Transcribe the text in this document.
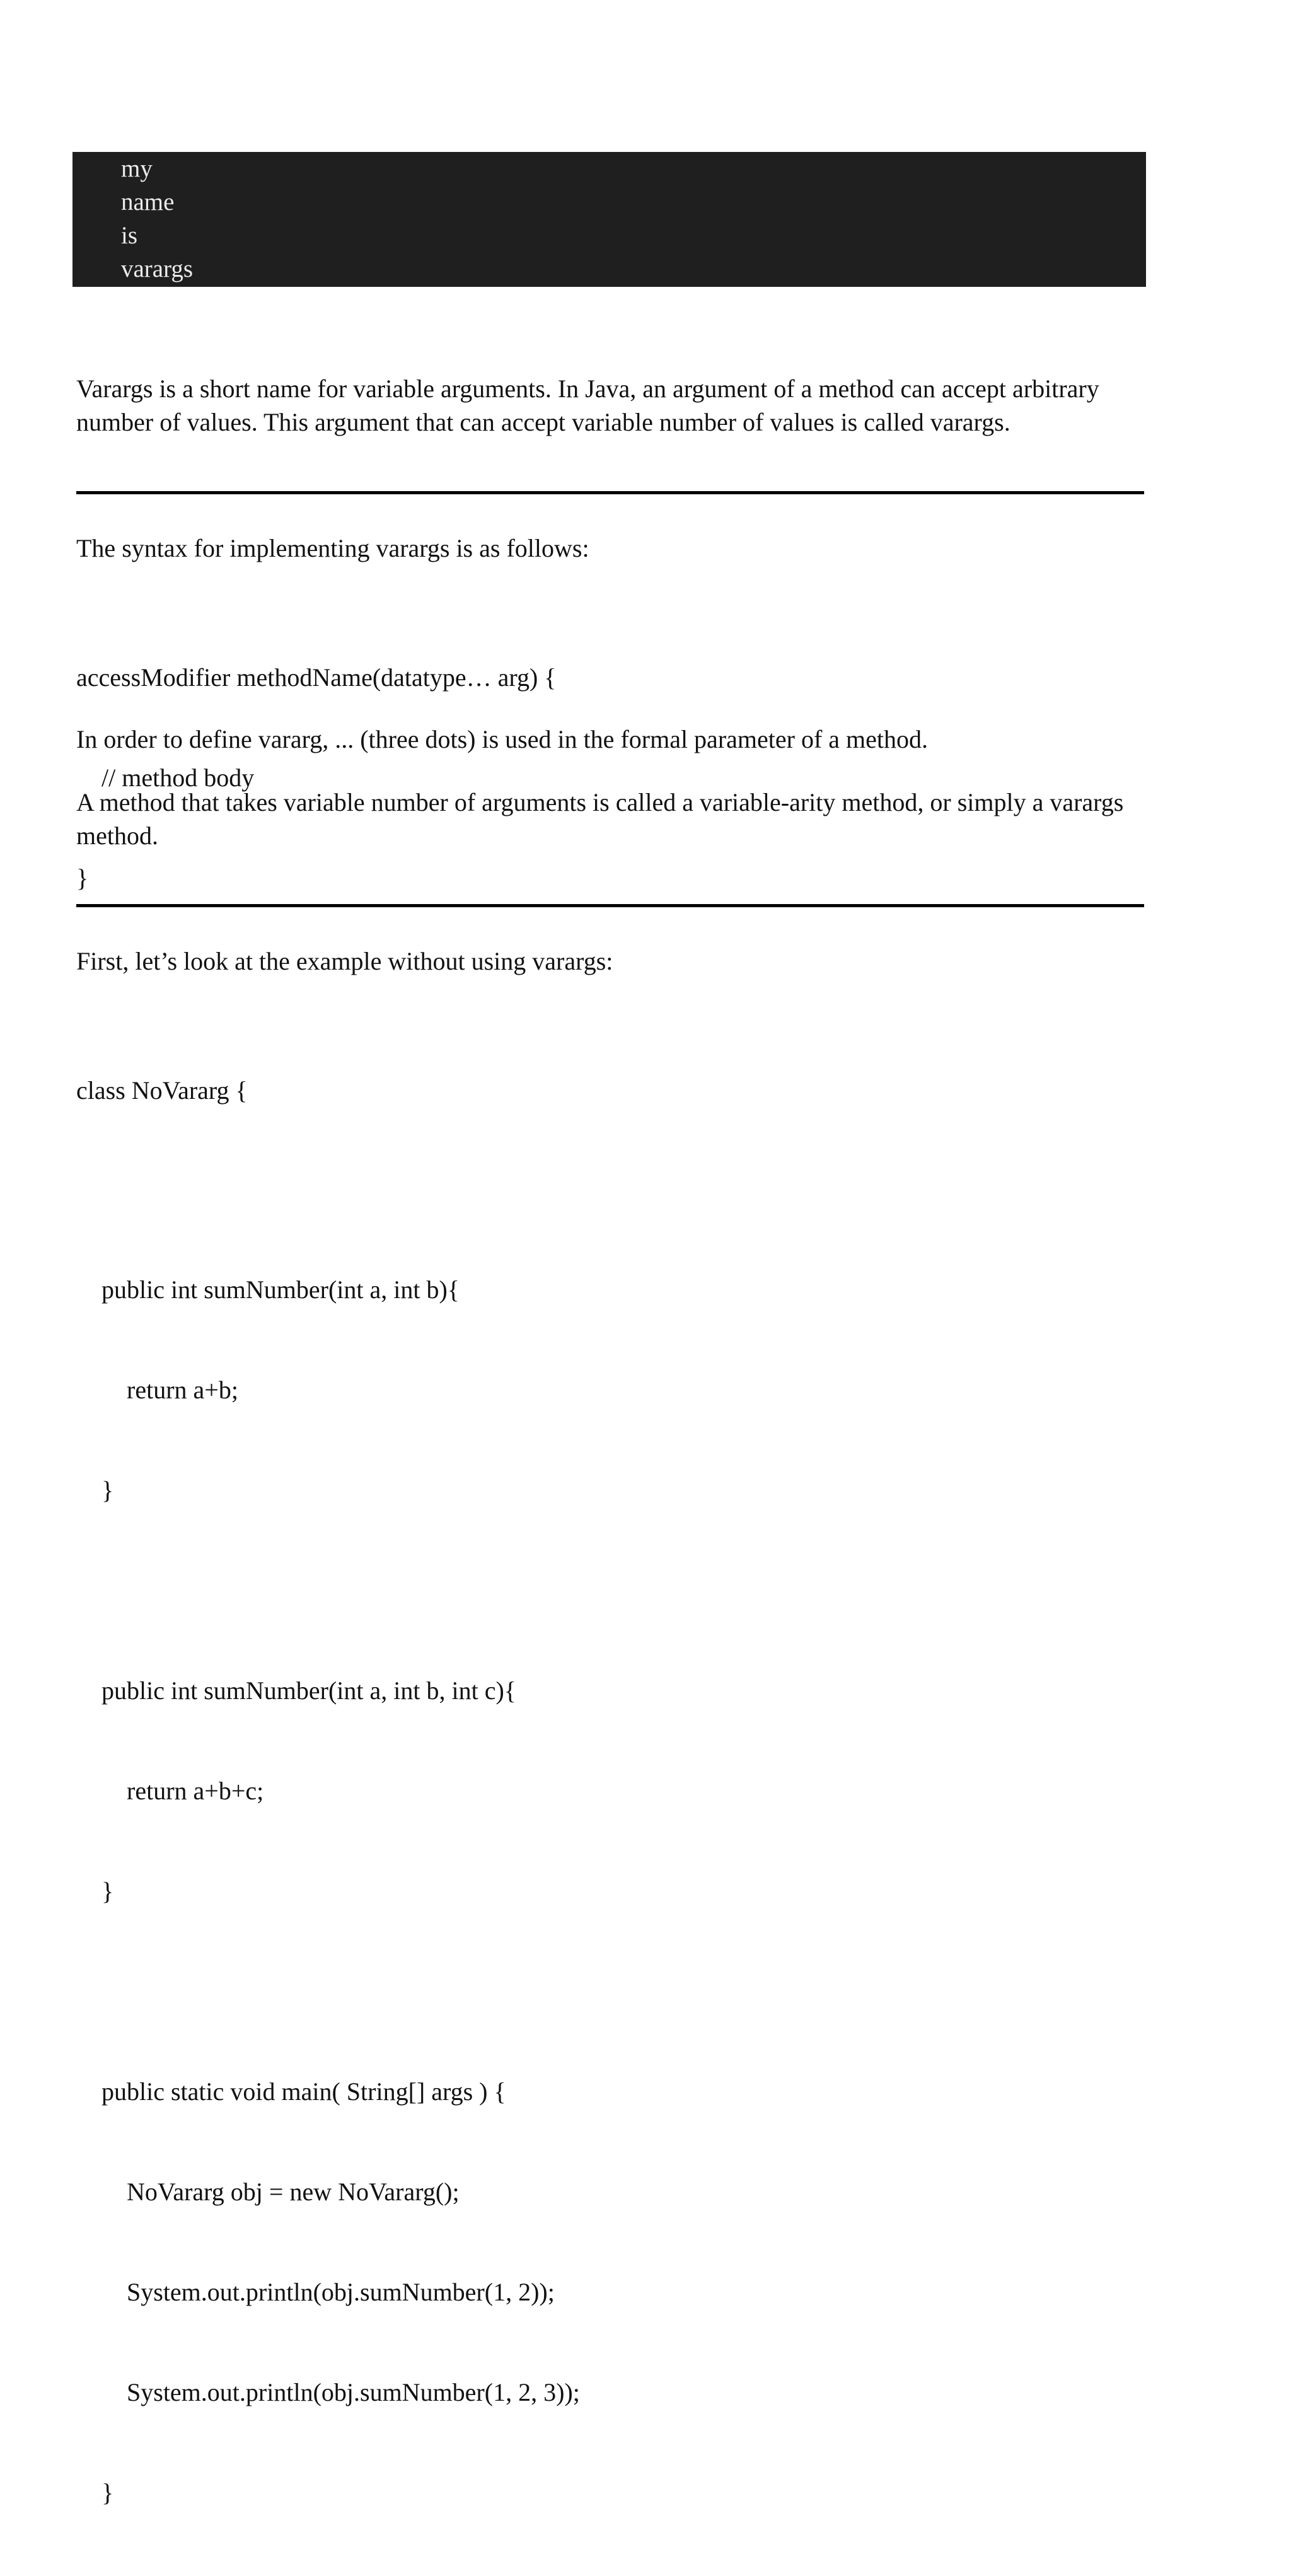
my
name
is
varargs

Varargs is a short name for variable arguments. In Java, an argument of a method can accept arbitrary number of values. This argument that can accept variable number of values is called varargs.

The syntax for implementing varargs is as follows:

accessModifier methodName(datatype… arg) {

// method body

}

In order to define vararg, ... (three dots) is used in the formal parameter of a method.

A method that takes variable number of arguments is called a variable-arity method, or simply a varargs method.

First, let’s look at the example without using varargs:

class NoVararg {

public int sumNumber(int a, int b){

return a+b;

}

public int sumNumber(int a, int b, int c){

return a+b+c;

}

public static void main( String[] args ) {

NoVararg obj = new NoVararg();

System.out.println(obj.sumNumber(1, 2));

System.out.println(obj.sumNumber(1, 2, 3));

}
